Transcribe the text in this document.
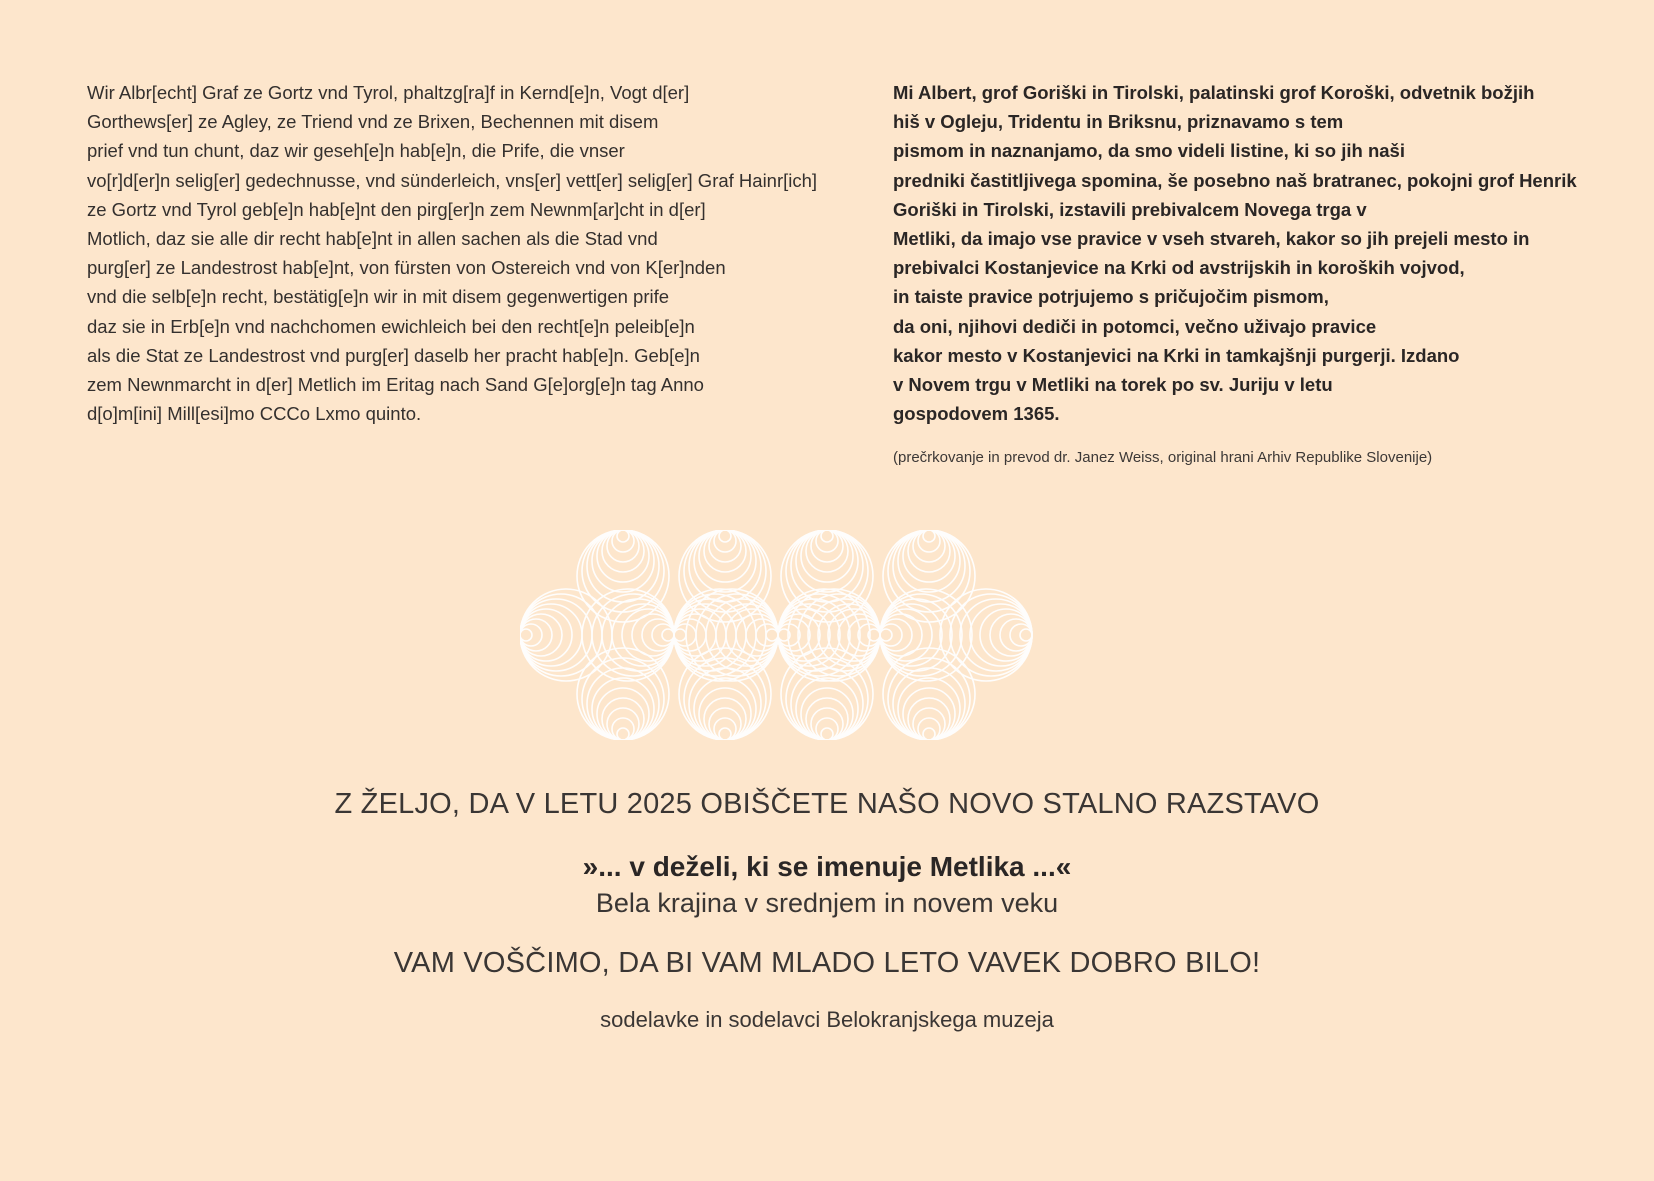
Wir Albr[echt] Graf ze Gortz vnd Tyrol, phaltzg[ra]f in Kernd[e]n, Vogt d[er]
Gorthews[er] ze Agley, ze Triend vnd ze Brixen, Bechennen mit disem
prief vnd tun chunt, daz wir geseh[e]n hab[e]n, die Prife, die vnser
vo[r]d[er]n selig[er] gedechnusse, vnd sünderleich, vns[er] vett[er] selig[er] Graf Hainr[ich]
ze Gortz vnd Tyrol geb[e]n hab[e]nt den pirg[er]n zem Newnm[ar]cht in d[er]
Motlich, daz sie alle dir recht hab[e]nt in allen sachen als die Stad vnd
purg[er] ze Landestrost hab[e]nt, von fürsten von Ostereich vnd von K[er]nden
vnd die selb[e]n recht, bestätig[e]n wir in mit disem gegenwertigen prife
daz sie in Erb[e]n vnd nachchomen ewichleich bei den recht[e]n peleib[e]n
als die Stat ze Landestrost vnd purg[er] daselb her pracht hab[e]n. Geb[e]n
zem Newnmarcht in d[er] Metlich im Eritag nach Sand G[e]org[e]n tag Anno
d[o]m[ini] Mill[esi]mo CCCo Lxmo quinto.
Mi Albert, grof Goriški in Tirolski, palatinski grof Koroški, odvetnik božjih
hiš v Ogleju, Tridentu in Briksnu, priznavamo s tem
pismom in naznanjamo, da smo videli listine, ki so jih naši
predniki častitljivega spomina, še posebno naš bratranec, pokojni grof Henrik
Goriški in Tirolski, izstavili prebivalcem Novega trga v
Metliki, da imajo vse pravice v vseh stvareh, kakor so jih prejeli mesto in
prebivalci Kostanjevice na Krki od avstrijskih in koroških vojvod,
in taiste pravice potrjujemo s pričujočim pismom,
da oni, njihovi dediči in potomci, večno uživajo pravice
kakor mesto v Kostanjevici na Krki in tamkajšnji purgerji. Izdano
v Novem trgu v Metliki na torek po sv. Juriju v letu
gospodovem 1365.
(prečrkovanje in prevod dr. Janez Weiss, original hrani Arhiv Republike Slovenije)
Z ŽELJO, DA V LETU 2025 OBIŠČETE NAŠO NOVO STALNO RAZSTAVO
»... v deželi, ki se imenuje Metlika ...«
Bela krajina v srednjem in novem veku
VAM VOŠČIMO, DA BI VAM MLADO LETO VAVEK DOBRO BILO!
sodelavke in sodelavci Belokranjskega muzeja
